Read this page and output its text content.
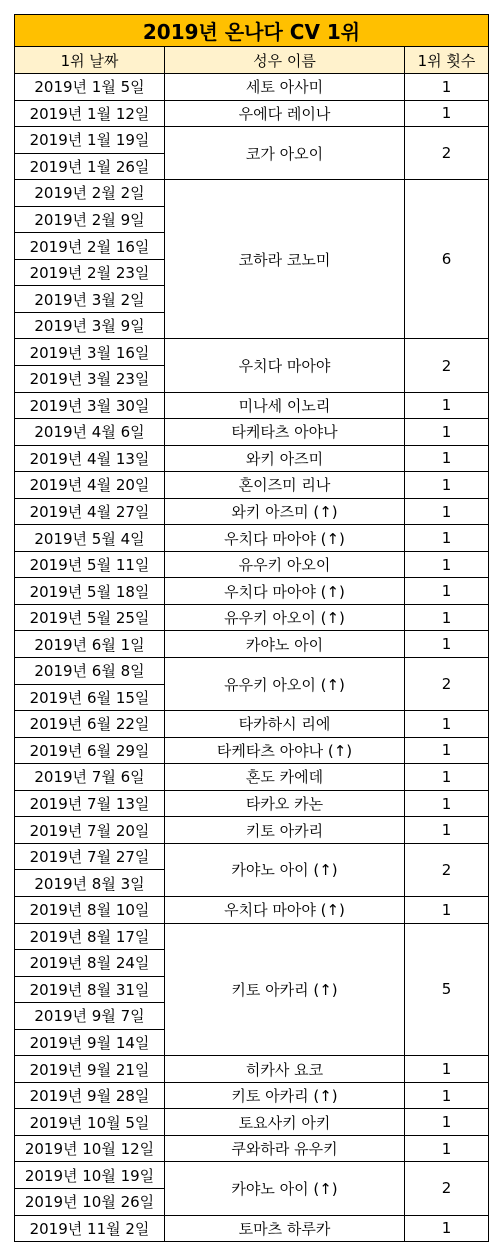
2019년 온나다 CV 1위		
1위 날짜	성우 이름	1위 횟수
2019년 1월 5일	세토 아사미	1
2019년 1월 12일	우에다 레이나	1
2019년 1월 19일	코가 아오이	2
2019년 1월 26일		
2019년 2월 2일	코하라 코노미	6
2019년 2월 9일		
2019년 2월 16일		
2019년 2월 23일		
2019년 3월 2일		
2019년 3월 9일		
2019년 3월 16일	우치다 마아야	2
2019년 3월 23일		
2019년 3월 30일	미나세 이노리	1
2019년 4월 6일	타케타츠 아야나	1
2019년 4월 13일	와키 아즈미	1
2019년 4월 20일	혼이즈미 리나	1
2019년 4월 27일	와키 아즈미 (↑)	1
2019년 5월 4일	우치다 마아야 (↑)	1
2019년 5월 11일	유우키 아오이	1
2019년 5월 18일	우치다 마아야 (↑)	1
2019년 5월 25일	유우키 아오이 (↑)	1
2019년 6월 1일	카야노 아이	1
2019년 6월 8일	유우키 아오이 (↑)	2
2019년 6월 15일		
2019년 6월 22일	타카하시 리에	1
2019년 6월 29일	타케타츠 아야나 (↑)	1
2019년 7월 6일	혼도 카에데	1
2019년 7월 13일	타카오 카논	1
2019년 7월 20일	키토 아카리	1
2019년 7월 27일	카야노 아이 (↑)	2
2019년 8월 3일		
2019년 8월 10일	우치다 마아야 (↑)	1
2019년 8월 17일	키토 아카리 (↑)	5
2019년 8월 24일		
2019년 8월 31일		
2019년 9월 7일		
2019년 9월 14일		
2019년 9월 21일	히카사 요코	1
2019년 9월 28일	키토 아카리 (↑)	1
2019년 10월 5일	토요사키 아키	1
2019년 10월 12일	쿠와하라 유우키	1
2019년 10월 19일	카야노 아이 (↑)	2
2019년 10월 26일		
2019년 11월 2일	토마츠 하루카	1
